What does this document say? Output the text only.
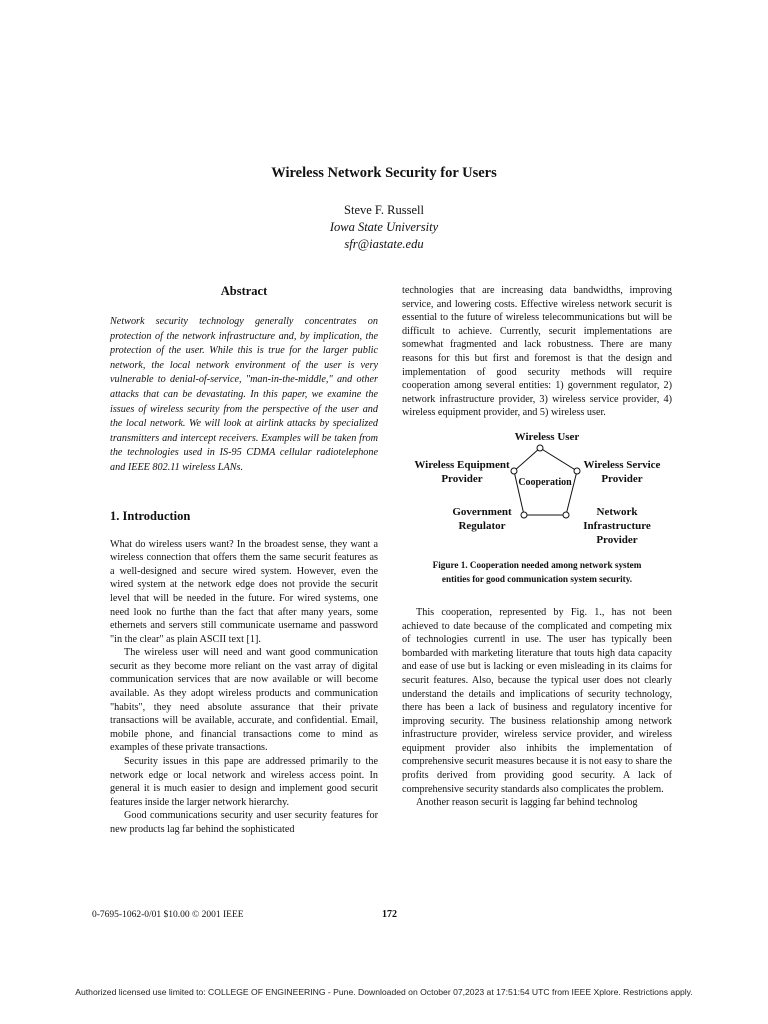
Wireless Network Security for Users
Steve F. Russell
Iowa State University
sfr@iastate.edu
Abstract

Network security technology generally concentrates on protection of the network infrastructure and, by implication, the protection of the user. While this is true for the larger public network, the local network environment of the user is very vulnerable to denial-of-service, "man-in-the-middle," and other attacks that can be devastating. In this paper, we examine the issues of wireless security from the perspective of the user and the local network. We will look at airlink attacks by specialized transmitters and intercept receivers. Examples will be taken from the technologies used in IS-95 CDMA cellular radiotelephone and IEEE 802.11 wireless LANs.

1. Introduction

What do wireless users want? In the broadest sense, they want a wireless connection that offers them the same securit features as a well-designed and secure wired system. However, even the wired system at the network edge does not provide the securit level that will be needed in the future. For wired systems, one need look no furthe than the fact that after many years, some ethernets and servers still communicate username and password "in the clear" as plain ASCII text [1].

The wireless user will need and want good communication securit as they become more reliant on the vast array of digital communication services that are now available or will become available. As they adopt wireless products and communication "habits", they need absolute assurance that their private transactions will be available, accurate, and confidential. Email, mobile phone, and financial transactions come to mind as examples of these private transactions.

Security issues in this pape are addressed primarily to the network edge or local network and wireless access point. In general it is much easier to design and implement good securit features inside the larger network hierarchy.

Good communications security and user security features for new products lag far behind the sophisticated

technologies that are increasing data bandwidths, improving service, and lowering costs. Effective wireless network securit is essential to the future of wireless telecommunications but will be difficult to achieve. Currently, securit implementations are somewhat fragmented and lack robustness. There are many reasons for this but first and foremost is that the design and implementation of good security methods will require cooperation among several entities: 1) government regulator, 2) network infrastructure provider, 3) wireless service provider, 4) wireless equipment provider, and 5) wireless user.

Wireless User
Wireless Equipment
Provider
Wireless Service
Provider
Cooperation
Government
Regulator
Network
Infrastructure
Provider
Figure 1. Cooperation needed among network system
entities for good communication system security.

This cooperation, represented by Fig. 1., has not been achieved to date because of the complicated and competing mix of technologies currentl in use. The user has typically been bombarded with marketing literature that touts high data capacity and ease of use but is lacking or even misleading in its claims for securit features. Also, because the typical user does not clearly understand the details and implications of security technology, there has been a lack of business and regulatory incentive for improving security. The business relationship among network infrastructure provider, wireless service provider, and wireless equipment provider also inhibits the implementation of comprehensive securit measures because it is not easy to share the profits derived from providing good security. A lack of comprehensive security standards also complicates the problem.

Another reason securit is lagging far behind technolog

0-7695-1062-0/01 $10.00 © 2001 IEEE	172
Authorized licensed use limited to: COLLEGE OF ENGINEERING - Pune. Downloaded on October 07,2023 at 17:51:54 UTC from IEEE Xplore. Restrictions apply.
